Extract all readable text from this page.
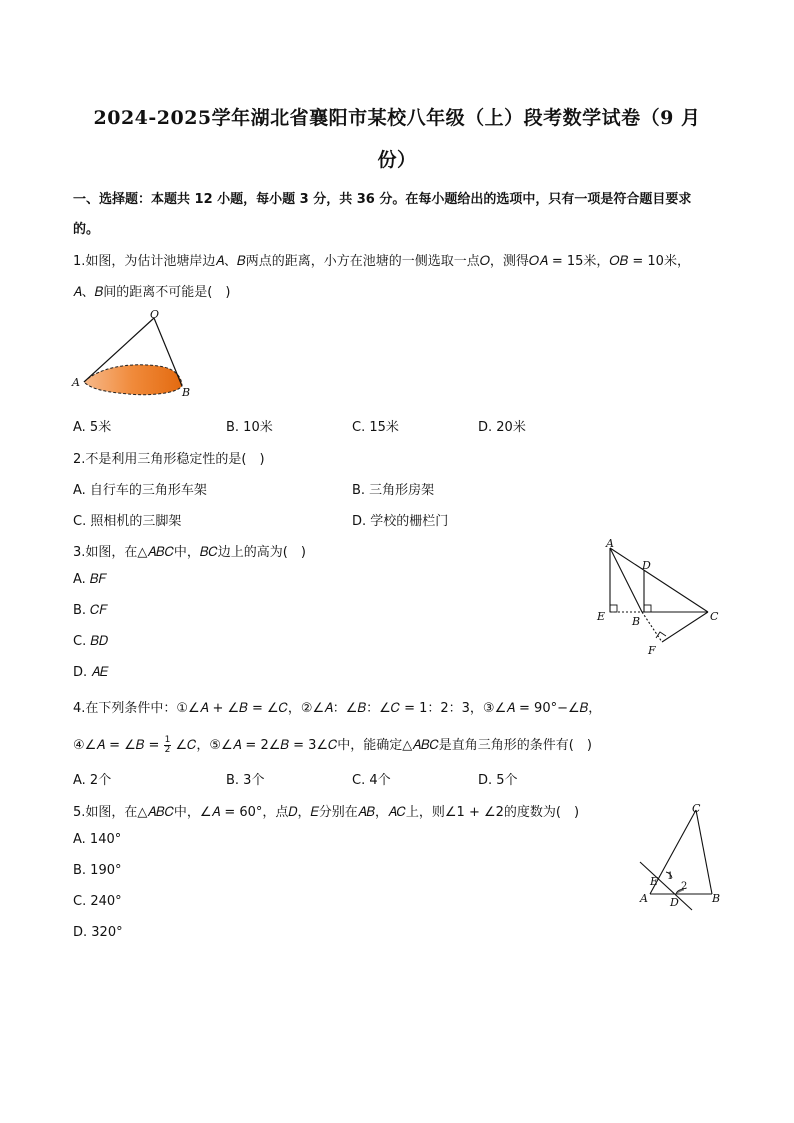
2024-2025学年湖北省襄阳市某校八年级（上）段考数学试卷（9 月
份）
一、选择题：本题共 12 小题，每小题 3 分，共 36 分。在每小题给出的选项中，只有一项是符合题目要求
的。
1.如图，为估计池塘岸边𝐴、𝐵两点的距离，小方在池塘的一侧选取一点𝑂，测得𝑂𝐴 = 15米，𝑂𝐵 = 10米，
𝐴、𝐵间的距离不可能是(　)
O
A
B
A. 5米	B. 10米	C. 15米	D. 20米
2.不是利用三角形稳定性的是(　)
A. 自行车的三角形车架	B. 三角形房架
C. 照相机的三脚架	D. 学校的栅栏门
3.如图，在△𝐴𝐵𝐶中，𝐵𝐶边上的高为(　)
A. 𝐵𝐹
B. 𝐶𝐹
C. 𝐵𝐷
D. 𝐴𝐸
A
D
E B	C
F
4.在下列条件中：①∠𝐴 + ∠𝐵 = ∠𝐶，②∠𝐴：∠𝐵：∠𝐶 = 1：2：3，③∠𝐴 = 90°−∠𝐵，
④∠𝐴 = ∠𝐵 = $\frac{1}{2}$ ∠𝐶，⑤∠𝐴 = 2∠𝐵 = 3∠𝐶中，能确定△𝐴𝐵𝐶是直角三角形的条件有(　)
A. 2个	B. 3个	C. 4个	D. 5个
5.如图，在△𝐴𝐵𝐶中，∠𝐴 = 60°，点𝐷，𝐸分别在𝐴𝐵，𝐴𝐶上，则∠1 + ∠2的度数为(　)
A. 140°
B. 190°
C. 240°
D. 320°
C
A	B
D
E 1
2
